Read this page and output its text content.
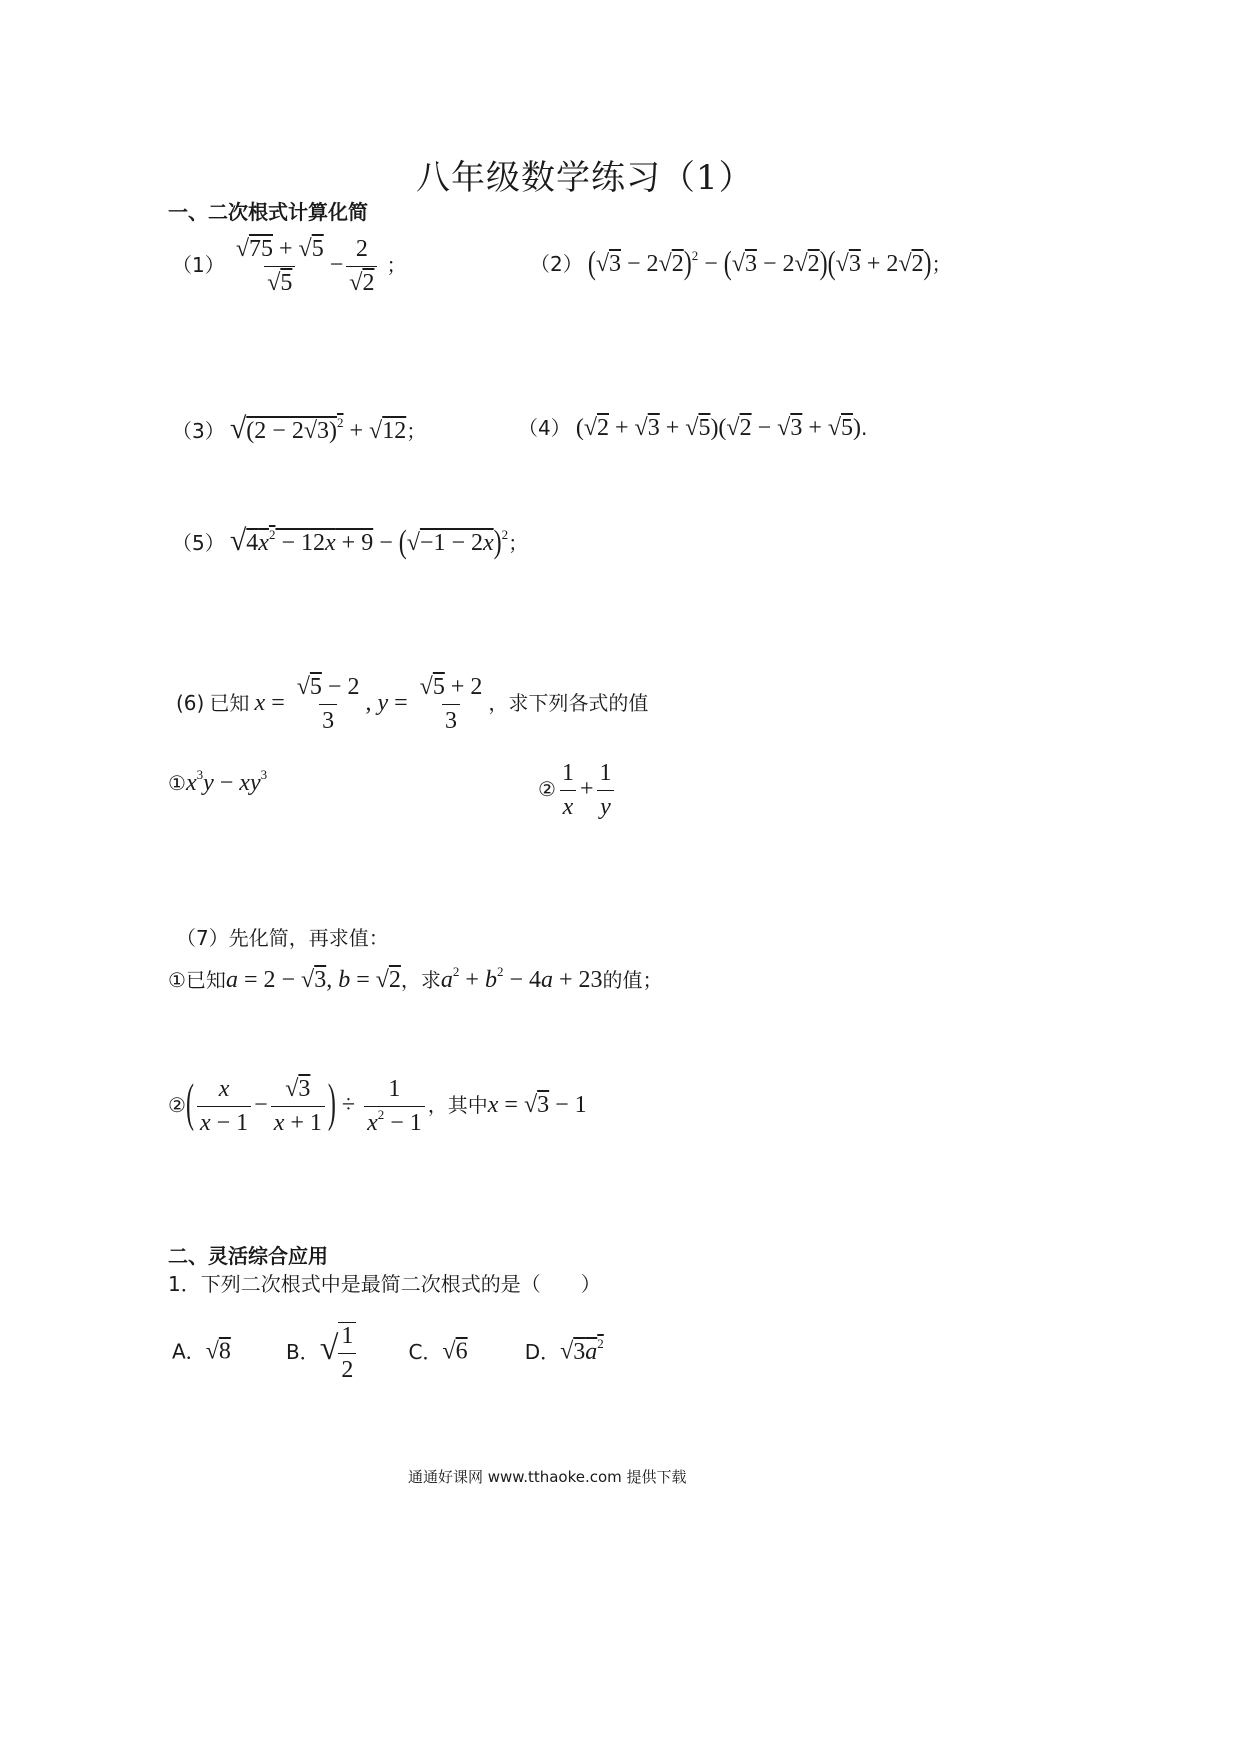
八年级数学练习（1）
一、二次根式计算化简
$(1) \frac{√75 + √5}{√5} - \frac{2}{√2}$ ；	（2） $(√3 - 2√2)^2 - (√3 - 2√2)(√3 + 2√2)$；
（3） $√(2 - 2√3)^2 + √12$；	（4） (√2 + √3 + √5)(√2 − √3 + √5).
（5） $√4x^2 - 12x + 9 - (√-1 - 2x)^2$；
(6) 已知 $x = \frac{√5 - 2}{3}$ , $y = \frac{√5 + 2}{3}$ ，求下列各式的值
$①x^3y - xy^3$
② $\frac{1}{x} + \frac{1}{y}$
（7）先化简，再求值：
①已知a = 2 − √3, b = √2，求$a^2 + b^2 - 4a + 23$的值；
②( $\frac{x}{x - 1} - \frac{√3}{x + 1}$ ) ÷ $\frac{1}{x^2 - 1}$ ，其中x = √3 − 1
二、灵活综合应用
1．下列二次根式中是最简二次根式的是（　　）
A．√8	B．√ $\frac{1}{2}$	C．√6	D．$√3a^2$
通通好课网 www.tthaoke.com 提供下载
